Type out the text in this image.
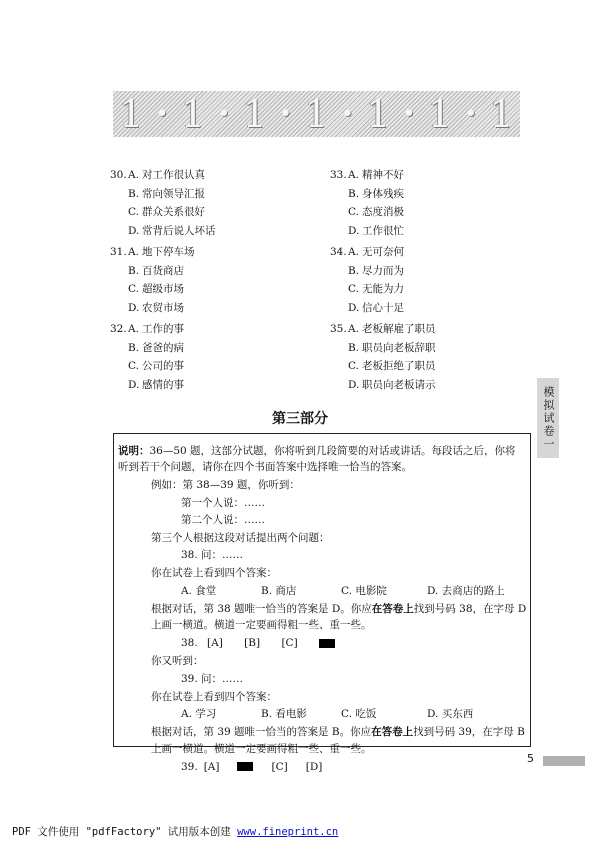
1 • 1 • 1 • 1 • 1 • 1 • 1
30. A. 对工作很认真
B. 常向领导汇报
C. 群众关系很好
D. 常背后说人坏话
31. A. 地下停车场
B. 百货商店
C. 超级市场
D. 农贸市场
32. A. 工作的事
B. 爸爸的病
C. 公司的事
D. 感情的事
33. A. 精神不好
B. 身体残疾
C. 态度消极
D. 工作很忙
34. A. 无可奈何
B. 尽力而为
C. 无能为力
D. 信心十足
35. A. 老板解雇了职员
B. 职员向老板辞职
C. 老板拒绝了职员
D. 职员向老板请示
模拟试卷一
第三部分
说明：36—50 题，这部分试题，你将听到几段简要的对话或讲话。每段话之后，你将
听到若干个问题，请你在四个书面答案中选择唯一恰当的答案。
例如：第 38—39 题，你听到：
第一个人说：……
第二个人说：……
第三个人根据这段对话提出两个问题：
38. 问：……
你在试卷上看到四个答案：
A. 食堂	B. 商店	C. 电影院	D. 去商店的路上
根据对话，第 38 题唯一恰当的答案是 D。你应在答卷上找到号码 38，在字母 D
上画一横道。横道一定要画得粗一些、重一些。
38. [A] [B] [C]
你又听到：
39. 问：……
你在试卷上看到四个答案：
A. 学习	B. 看电影	C. 吃饭	D. 买东西
根据对话，第 39 题唯一恰当的答案是 B。你应在答卷上找到号码 39，在字母 B
上画一横道。横道一定要画得粗一些、重一些。
39. [A]	[C] [D]
5
PDF 文件使用 "pdfFactory" 试用版本创建 www.fineprint.cn
